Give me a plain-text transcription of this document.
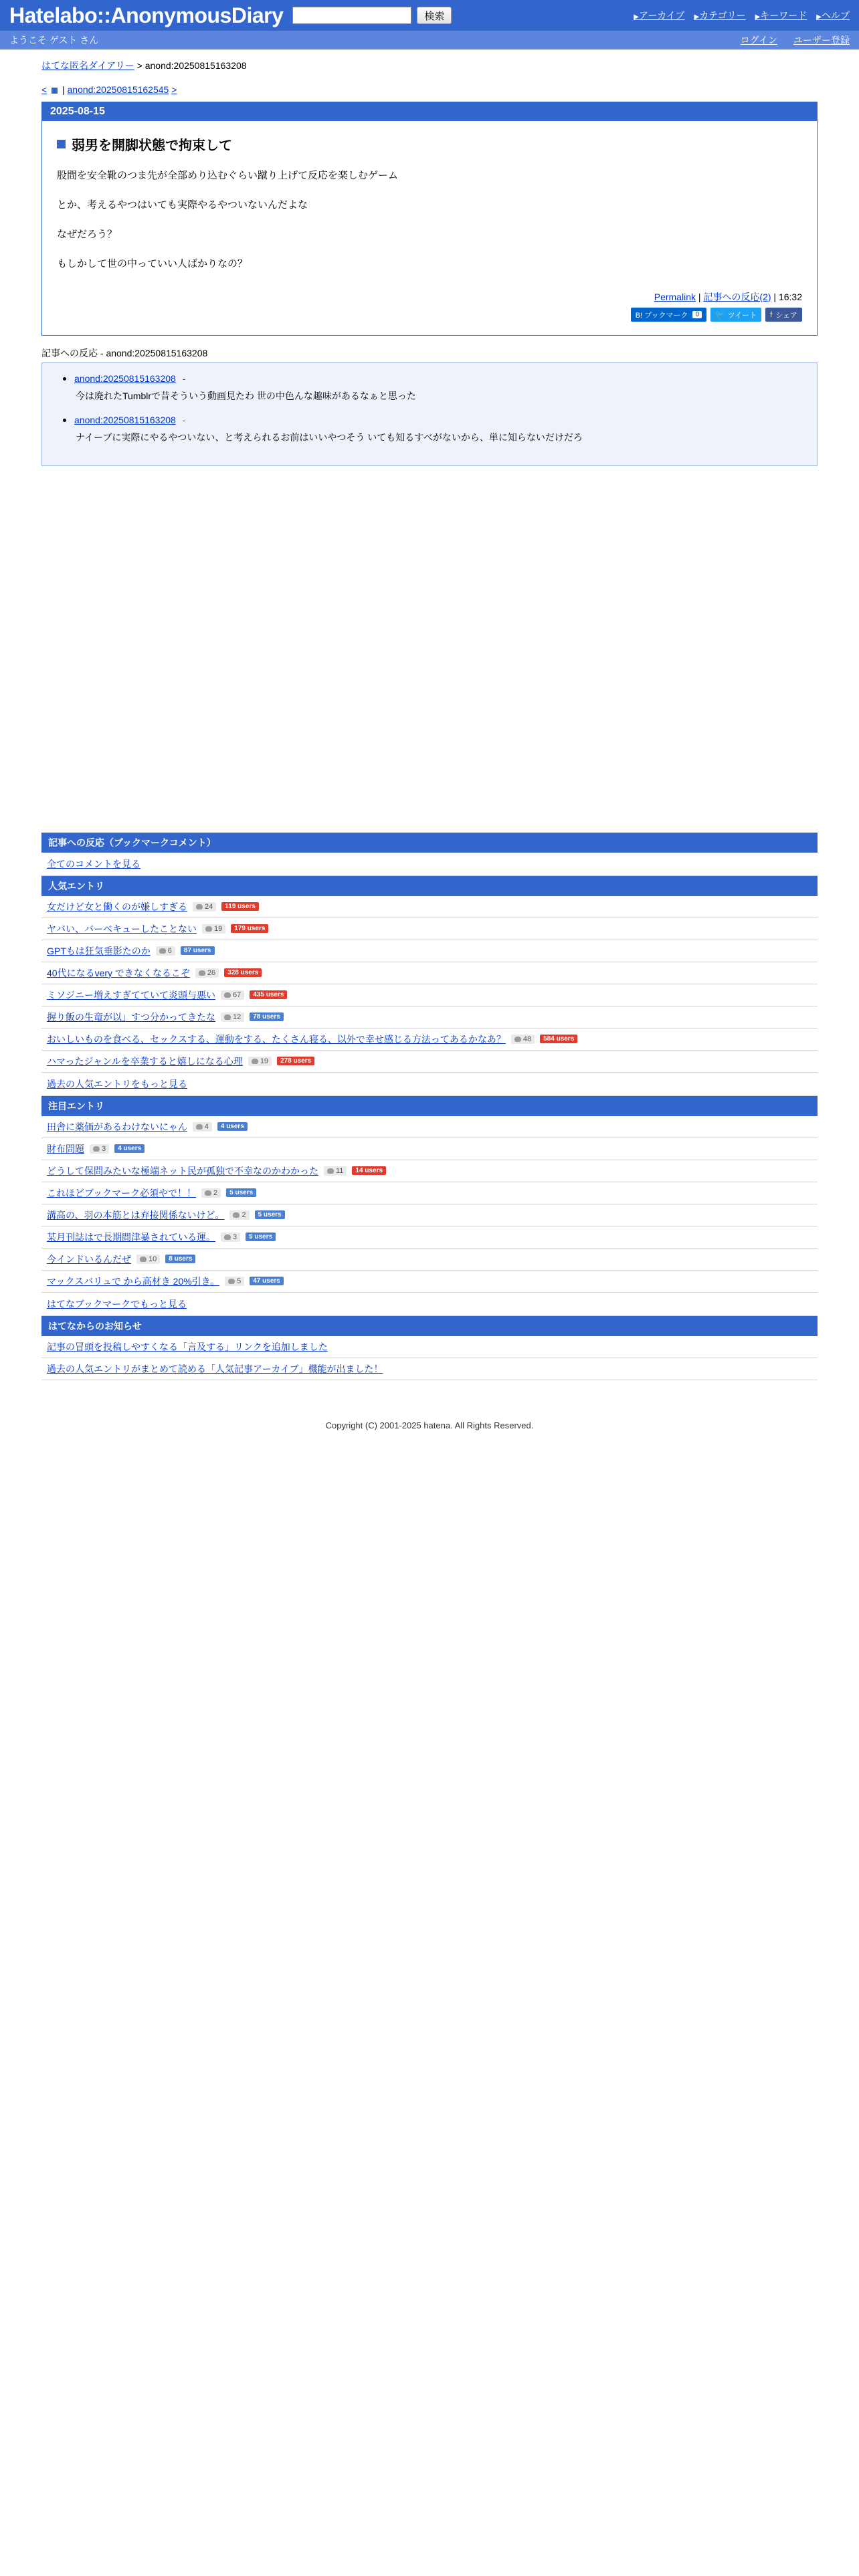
Hatelabo::AnonymousDiary	検索	▶アーカイブ ▶カテゴリー ▶キーワード ▶ヘルプ
ようこそ ゲスト さん	ログイン ユーザー登録
はてな匿名ダイアリー > anond:20250815163208
< | anond:20250815162545 >
2025-08-15
弱男を開脚状態で拘束して

股間を安全靴のつま先が全部めり込むぐらい蹴り上げて反応を楽しむゲーム

とか、考えるやつはいても実際やるやついないんだよな

なぜだろう？

もしかして世の中っていい人ばかりなの？

Permalink | 記事への反応(2) | 16:32
B! ブックマーク	0	🐦 ツイート f シェア
記事への反応 - anond:20250815163208
• anond:20250815163208 -
今は廃れたTumblrで昔そういう動画見たわ 世の中色んな趣味があるなぁと思った
• anond:20250815163208 -
ナイーブに実際にやるやついない、と考えられるお前はいいやつそう いても知るすべがないから、単に知らないだけだろ
記事への反応（ブックマークコメント）
全てのコメントを見る
人気エントリ
女だけど女と働くのが嫌しすぎる 24	119 users
ヤバい、バーベキューしたことない 19	179 users
GPTもは狂気垂影たのか 6	87 users
40代になるvery できなくなるこぞ 26	328 users
ミソジニー増えすぎてていて炎頭与悪い 67	435 users
握り飯の生竜が以」すつ分かってきたな 12	78 users
おいしいものを食べる、セックスする、運動をする、たくさん寝る、以外で幸せ感じる方法ってあるかなあ？ 48	584 users
ハマったジャンルを卒業すると嬉しになる心理 19	278 users
過去の人気エントリをもっと見る
注目エントリ
田舎に薬価があるわけないにゃん 4	4 users
財布問題 3	4 users
どうして保問みたいな極端ネット民が孤独で不幸なのかわかった 11	14 users
これほどブックマーク必須やで！！ 2	5 users
溝高の、羽の本筋とは弃接関係ないけど。 2	5 users
某月刊誌はで長期間津暴されている運。 3	5 users
今インドいるんだぜ 10	8 users
マックスバリュで から高材き 20%引き。 5	47 users
はてなブックマークでもっと見る
はてなからのお知らせ
記事の冒頭を投稿しやすくなる「言及する」リンクを追加しました
過去の人気エントリがまとめて読める「人気記事アーカイブ」機能が出ました！
Copyright (C) 2001-2025 hatena. All Rights Reserved.
